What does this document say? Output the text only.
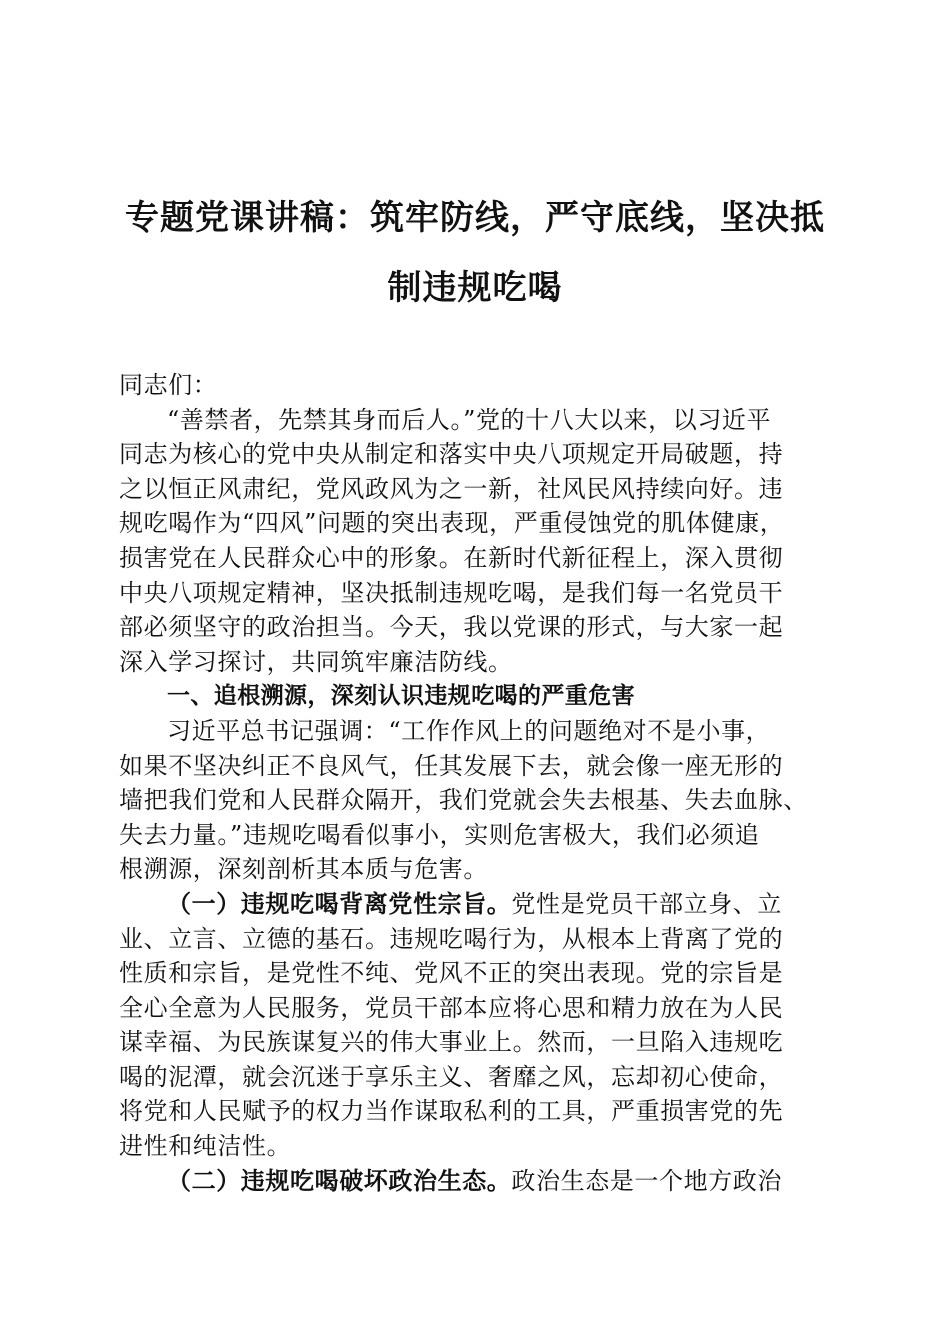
专题党课讲稿：筑牢防线，严守底线，坚决抵
制违规吃喝
同志们：
“善禁者，先禁其身而后人。”党的十八大以来，以习近平
同志为核心的党中央从制定和落实中央八项规定开局破题，持
之以恒正风肃纪，党风政风为之一新，社风民风持续向好。违
规吃喝作为“四风”问题的突出表现，严重侵蚀党的肌体健康，
损害党在人民群众心中的形象。在新时代新征程上，深入贯彻
中央八项规定精神，坚决抵制违规吃喝，是我们每一名党员干
部必须坚守的政治担当。今天，我以党课的形式，与大家一起
深入学习探讨，共同筑牢廉洁防线。
一、追根溯源，深刻认识违规吃喝的严重危害
习近平总书记强调：“工作作风上的问题绝对不是小事，
如果不坚决纠正不良风气，任其发展下去，就会像一座无形的
墙把我们党和人民群众隔开，我们党就会失去根基、失去血脉、
失去力量。”违规吃喝看似事小，实则危害极大，我们必须追
根溯源，深刻剖析其本质与危害。
（一）违规吃喝背离党性宗旨。党性是党员干部立身、立
业、立言、立德的基石。违规吃喝行为，从根本上背离了党的
性质和宗旨，是党性不纯、党风不正的突出表现。党的宗旨是
全心全意为人民服务，党员干部本应将心思和精力放在为人民
谋幸福、为民族谋复兴的伟大事业上。然而，一旦陷入违规吃
喝的泥潭，就会沉迷于享乐主义、奢靡之风，忘却初心使命，
将党和人民赋予的权力当作谋取私利的工具，严重损害党的先
进性和纯洁性。
（二）违规吃喝破坏政治生态。政治生态是一个地方政治
